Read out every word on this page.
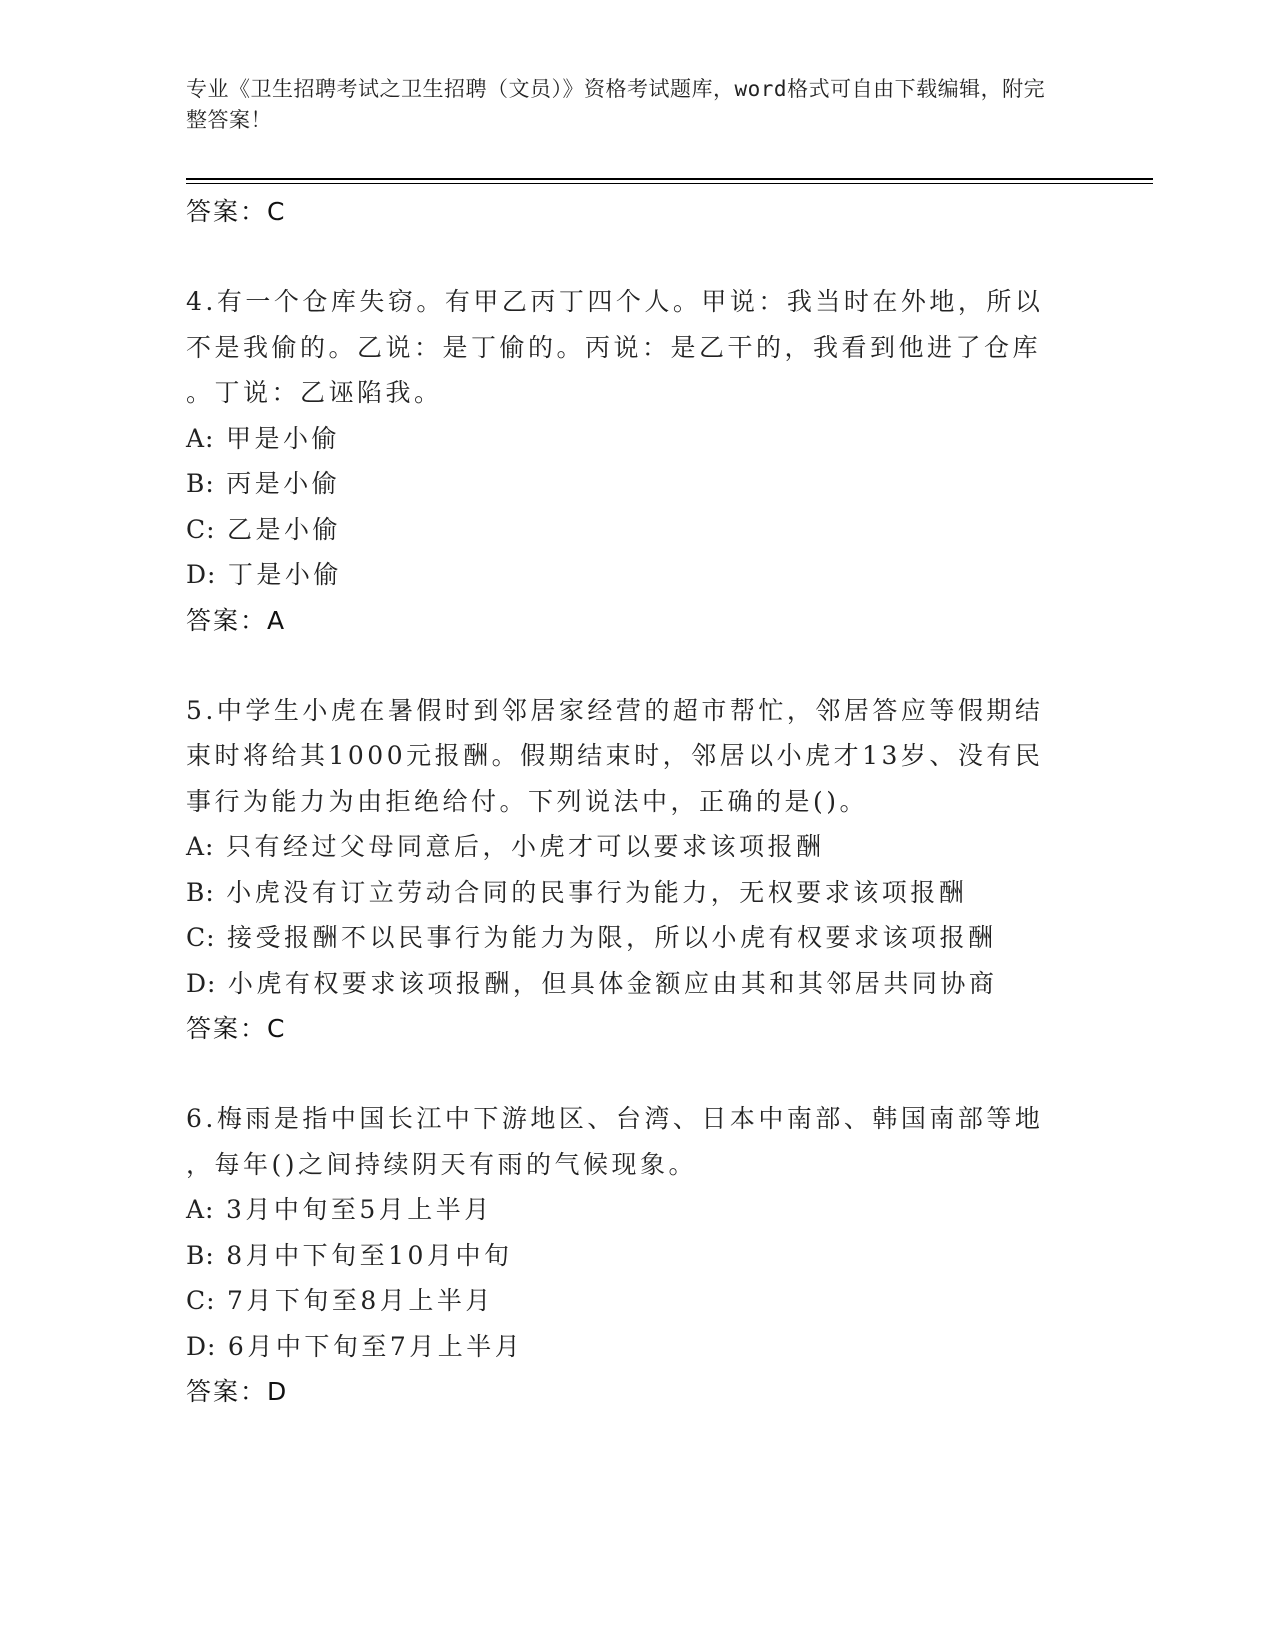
专业《卫生招聘考试之卫生招聘（文员）》资格考试题库，word格式可自由下载编辑，附完整答案！
答案：C
4.有一个仓库失窃。有甲乙丙丁四个人。甲说：我当时在外地，所以
不是我偷的。乙说：是丁偷的。丙说：是乙干的，我看到他进了仓库
。丁说：乙诬陷我。
A: 甲是小偷
B: 丙是小偷
C: 乙是小偷
D: 丁是小偷
答案：A
5.中学生小虎在暑假时到邻居家经营的超市帮忙，邻居答应等假期结
束时将给其1000元报酬。假期结束时，邻居以小虎才13岁、没有民
事行为能力为由拒绝给付。下列说法中，正确的是()。
A: 只有经过父母同意后，小虎才可以要求该项报酬
B: 小虎没有订立劳动合同的民事行为能力，无权要求该项报酬
C: 接受报酬不以民事行为能力为限，所以小虎有权要求该项报酬
D: 小虎有权要求该项报酬，但具体金额应由其和其邻居共同协商
答案：C
6.梅雨是指中国长江中下游地区、台湾、日本中南部、韩国南部等地
，每年()之间持续阴天有雨的气候现象。
A: 3月中旬至5月上半月
B: 8月中下旬至10月中旬
C: 7月下旬至8月上半月
D: 6月中下旬至7月上半月
答案：D
